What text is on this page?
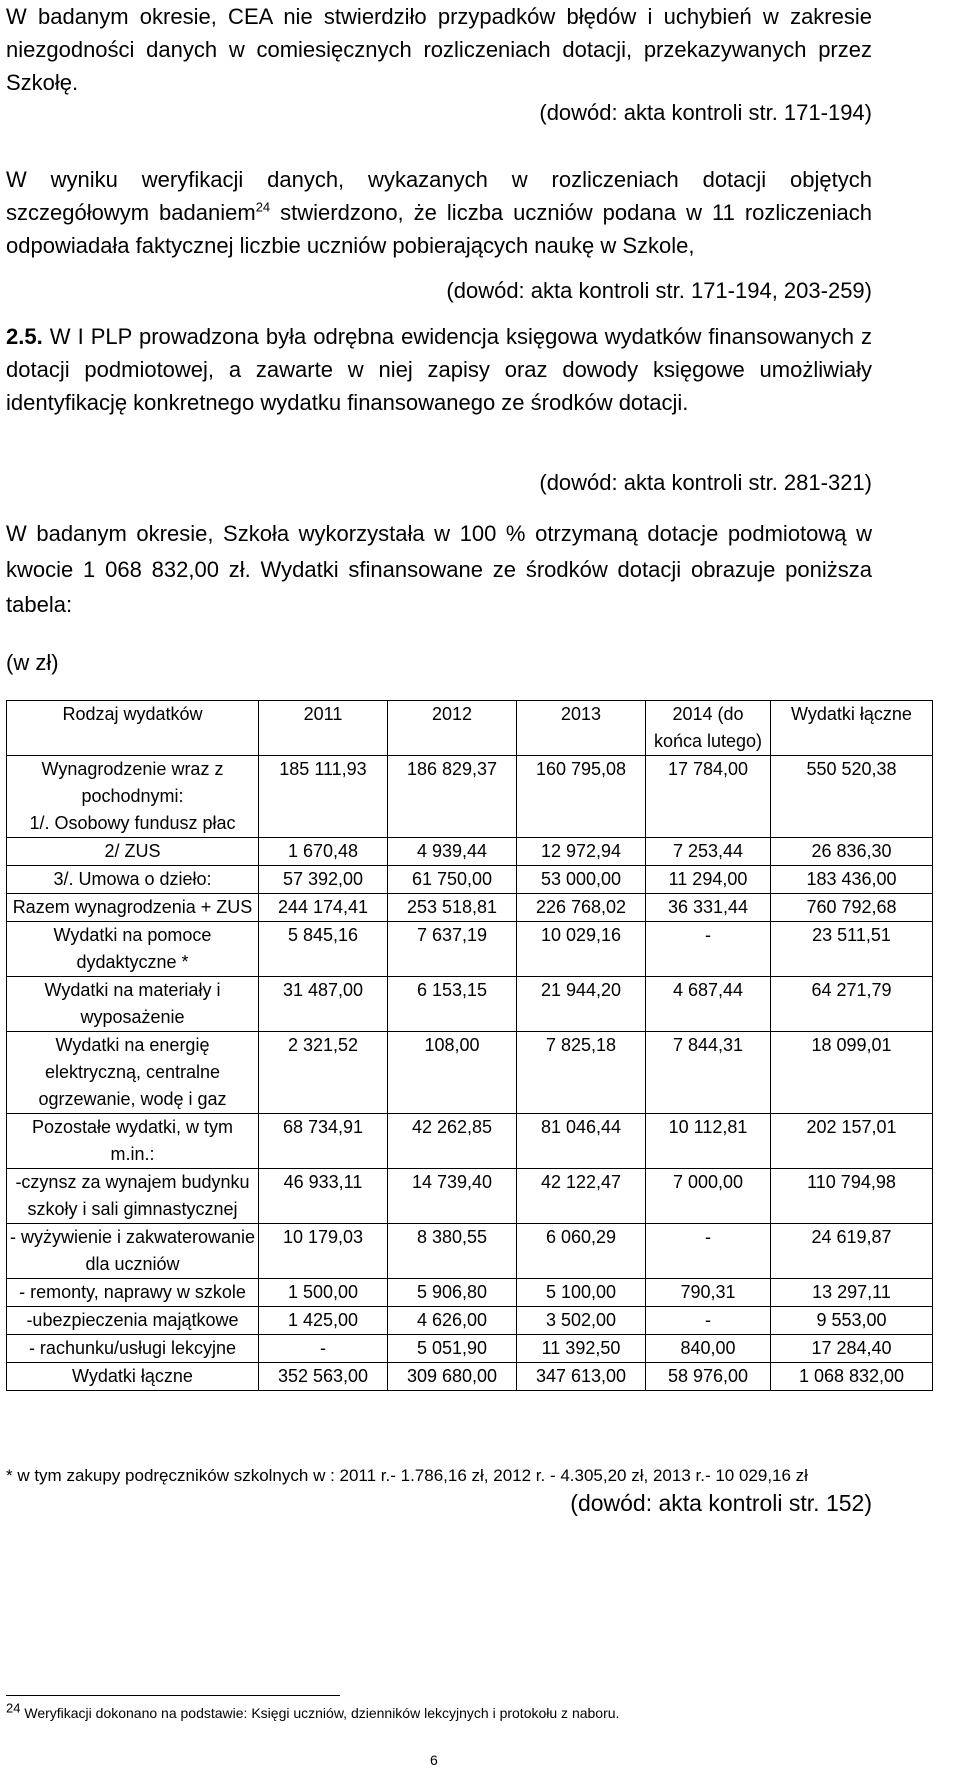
W badanym okresie, CEA nie stwierdziło przypadków błędów i uchybień w zakresie niezgodności danych w comiesięcznych rozliczeniach dotacji, przekazywanych przez Szkołę.

(dowód: akta kontroli str. 171-194)

W wyniku weryfikacji danych, wykazanych w rozliczeniach dotacji objętych szczegółowym badaniem$^{24}$ stwierdzono, że liczba uczniów podana w 11 rozliczeniach odpowiadała faktycznej liczbie uczniów pobierających naukę w Szkole,

(dowód: akta kontroli str. 171-194, 203-259)

2.5. W I PLP prowadzona była odrębna ewidencja księgowa wydatków finansowanych z dotacji podmiotowej, a zawarte w niej zapisy oraz dowody księgowe umożliwiały identyfikację konkretnego wydatku finansowanego ze środków dotacji.

(dowód: akta kontroli str. 281-321)

W badanym okresie, Szkoła wykorzystała w 100 % otrzymaną dotacje podmiotową w kwocie 1 068 832,00 zł. Wydatki sfinansowane ze środków dotacji obrazuje poniższa tabela:

(w zł)
Rodzaj wydatków	2011	2012	2013	2014 (do końca lutego)	Wydatki łączne
Wynagrodzenie wraz z pochodnymi:
1/. Osobowy fundusz płac	185 111,93	186 829,37	160 795,08	17 784,00	550 520,38
2/ ZUS	1 670,48	4 939,44	12 972,94	7 253,44	26 836,30
3/. Umowa o dzieło:	57 392,00	61 750,00	53 000,00	11 294,00	183 436,00
Razem wynagrodzenia + ZUS	244 174,41	253 518,81	226 768,02	36 331,44	760 792,68
Wydatki na pomoce dydaktyczne *	5 845,16	7 637,19	10 029,16	-	23 511,51
Wydatki na materiały i wyposażenie	31 487,00	6 153,15	21 944,20	4 687,44	64 271,79
Wydatki na energię elektryczną, centralne ogrzewanie, wodę i gaz	2 321,52	108,00	7 825,18	7 844,31	18 099,01
Pozostałe wydatki, w tym m.in.:	68 734,91	42 262,85	81 046,44	10 112,81	202 157,01
-czynsz za wynajem budynku szkoły i sali gimnastycznej	46 933,11	14 739,40	42 122,47	7 000,00	110 794,98
- wyżywienie i zakwaterowanie dla uczniów	10 179,03	8 380,55	6 060,29	-	24 619,87
- remonty, naprawy w szkole	1 500,00	5 906,80	5 100,00	790,31	13 297,11
-ubezpieczenia majątkowe	1 425,00	4 626,00	3 502,00	-	9 553,00
- rachunku/usługi lekcyjne	-	5 051,90	11 392,50	840,00	17 284,40
Wydatki łączne	352 563,00	309 680,00	347 613,00	58 976,00	1 068 832,00
* w tym zakupy podręczników szkolnych w : 2011 r.- 1.786,16 zł, 2012 r. - 4.305,20 zł, 2013 r.- 10 029,16 zł
(dowód: akta kontroli str. 152)
$^{24}$ Weryfikacji dokonano na podstawie: Księgi uczniów, dzienników lekcyjnych i protokołu z naboru.
6
